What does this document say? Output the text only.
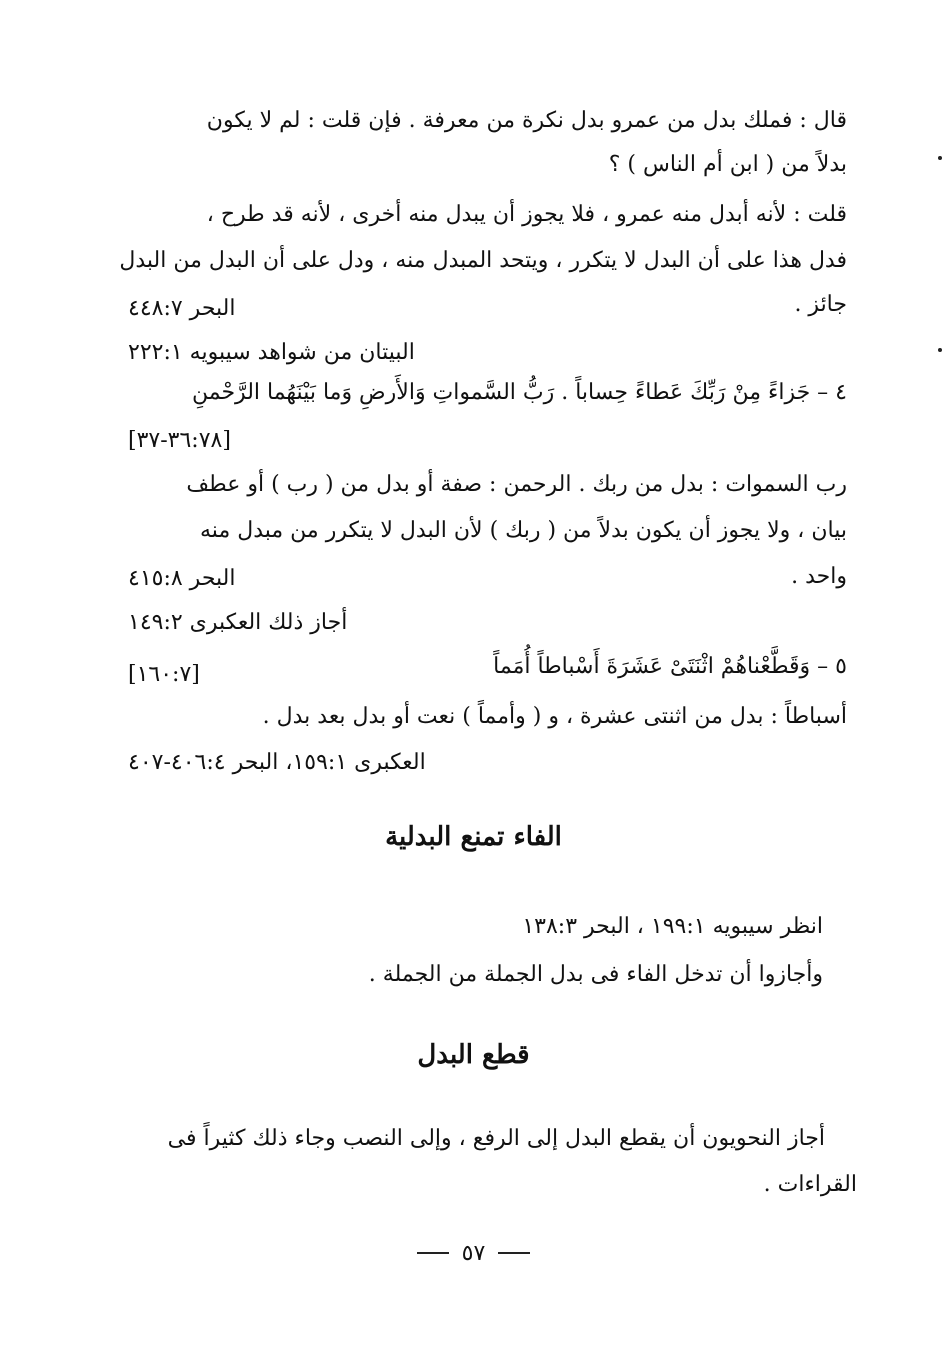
قال : فملك بدل من عمرو بدل نكرة من معرفة . فإن قلت : لم لا يكون
بدلاً من ( ابن أم الناس ) ؟
قلت : لأنه أبدل منه عمرو ، فلا يجوز أن يبدل منه أخرى ، لأنه قد طرح ،
فدل هذا على أن البدل لا يتكرر ، ويتحد المبدل منه ، ودل على أن البدل من البدل
جائز .
البحر ٤٤٨:٧
البيتان من شواهد سيبويه ٢٢٢:١
٤ – جَزاءً مِنْ رَبِّكَ عَطاءً حِساباً . رَبُّ السَّمواتِ وَالأَرضِ وَما بَيْنَهُما الرَّحْمنِ
[٣٦:٧٨-٣٧]
رب السموات : بدل من ربك . الرحمن : صفة أو بدل من ( رب ) أو عطف
بيان ، ولا يجوز أن يكون بدلاً من ( ربك ) لأن البدل لا يتكرر من مبدل منه
واحد .
البحر ٤١٥:٨
أجاز ذلك العكبرى ١٤٩:٢
٥ – وَقَطَّعْناهُمْ اثْنَتَىْ عَشَرَةَ أَسْباطاً أُمَماً
[١٦٠:٧]
أسباطاً : بدل من اثنتى عشرة ، و ( وأمماً ) نعت أو بدل بعد بدل .
العكبرى ١٥٩:١، البحر ٤٠٦:٤-٤٠٧
الفاء تمنع البدلية
انظر سيبويه ١٩٩:١ ، البحر ١٣٨:٣
وأجازوا أن تدخل الفاء فى بدل الجملة من الجملة .
قطع البدل
أجاز النحويون أن يقطع البدل إلى الرفع ، وإلى النصب وجاء ذلك كثيراً فى
القراءات .
٥٧
